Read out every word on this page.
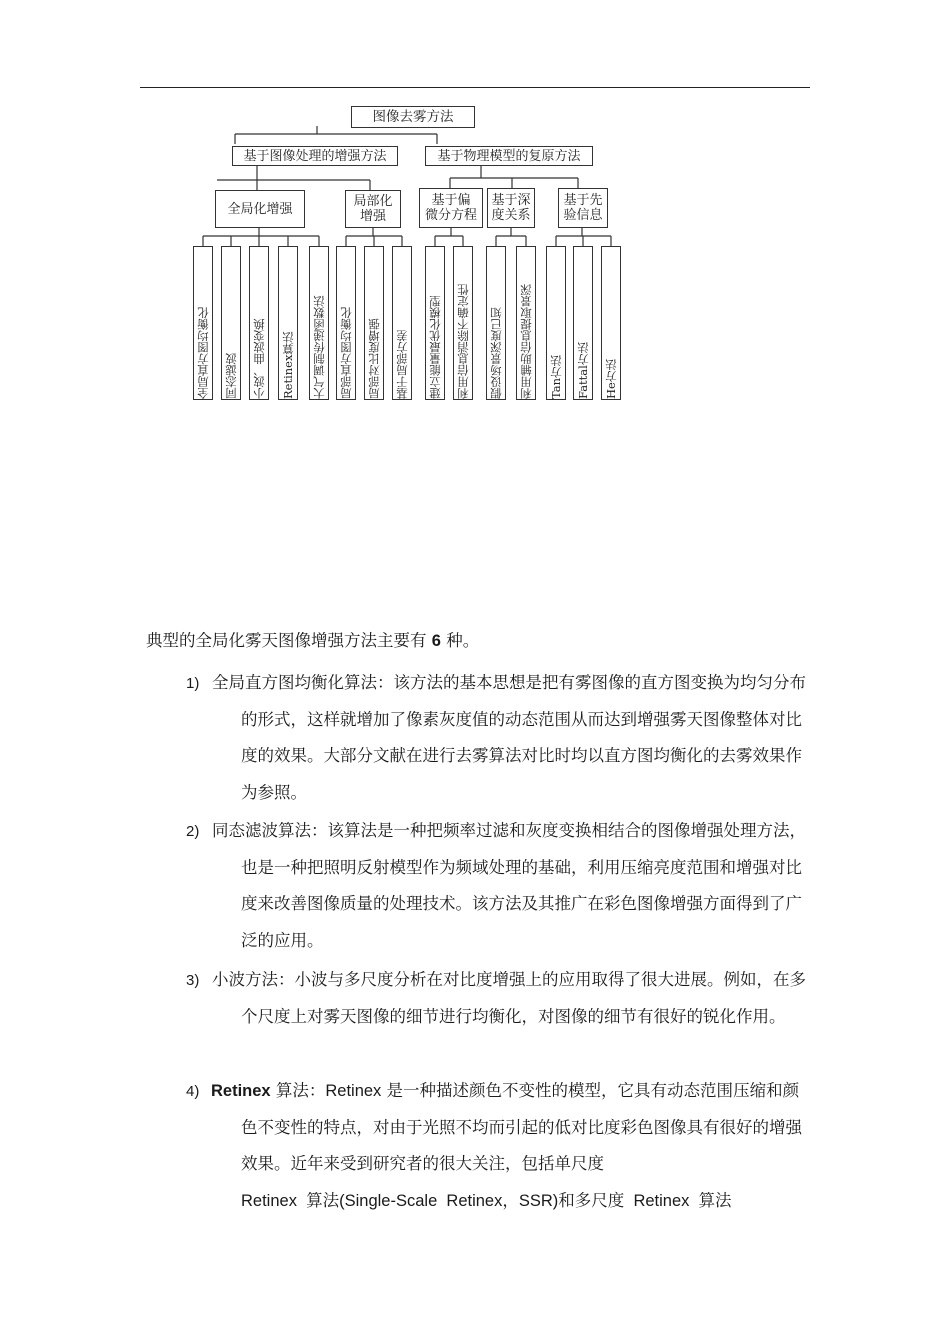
图像去雾方法
基于图像处理的增强方法	基于物理模型的复原方法
全局化增强	局部化
增强
基于偏
微分方程
基于深
度关系
基于先
验信息
全局直方图均衡化 同态滤波 小波、曲波变换 Retinex算法 大气调制传递函数法 局部直方图均衡化 局部对比度增强 基于局部方差 建立能量最优化模型 利用信息消除不确定性 假设场景深度已知 利用辅助信息提取景深 Tan方法 Fattal方法 He方法
典型的全局化雾天图像增强方法主要有 6 种。
1) 全局直方图均衡化算法：该方法的基本思想是把有雾图像的直方图变换为均匀分布的形式，这样就增加了像素灰度值的动态范围从而达到增强雾天图像整体对比度的效果。大部分文献在进行去雾算法对比时均以直方图均衡化的去雾效果作为参照。
2) 同态滤波算法：该算法是一种把频率过滤和灰度变换相结合的图像增强处理方法，也是一种把照明反射模型作为频域处理的基础，利用压缩亮度范围和增强对比度来改善图像质量的处理技术。该方法及其推广在彩色图像增强方面得到了广泛的应用。
3) 小波方法：小波与多尺度分析在对比度增强上的应用取得了很大进展。例如，在多个尺度上对雾天图像的细节进行均衡化，对图像的细节有很好的锐化作用。
4) Retinex 算法：Retinex 是一种描述颜色不变性的模型，它具有动态范围压缩和颜色不变性的特点，对由于光照不均而引起的低对比度彩色图像具有很好的增强效果。近年来受到研究者的很大关注，包括单尺度
Retinex  算法(Single-Scale  Retinex，SSR)和多尺度  Retinex  算法
